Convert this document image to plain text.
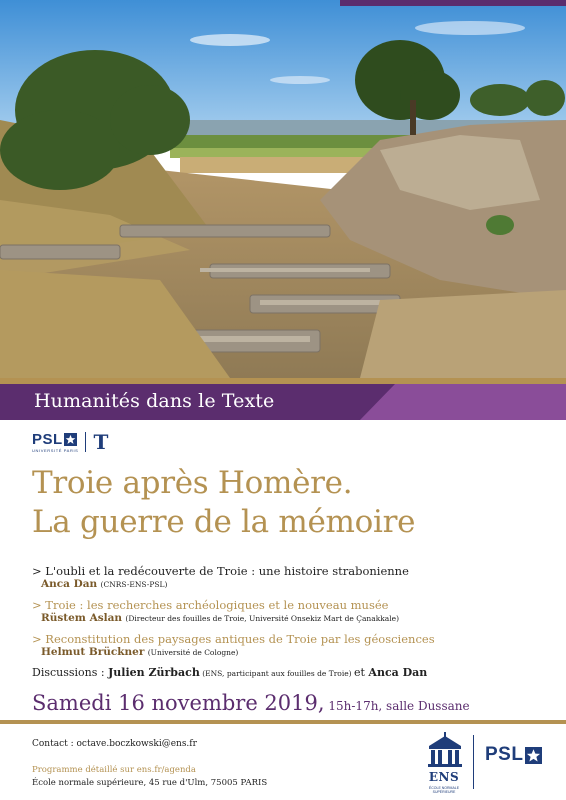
Humanités dans le Texte
PSL
UNIVERSITÉ PARIS T
Troie après Homère.
La guerre de la mémoire
> L'oubli et la redécouverte de Troie : une histoire strabonienne
Anca Dan (CNRS-ENS-PSL)
> Troie : les recherches archéologiques et le nouveau musée
Rüstem Aslan (Directeur des fouilles de Troie, Université Onsekiz Mart de Çanakkale)
> Reconstitution des paysages antiques de Troie par les géosciences
Helmut Brückner (Université de Cologne)
Discussions : Julien Zürbach (ENS, participant aux fouilles de Troie) et Anca Dan
Samedi 16 novembre 2019, 15h-17h, salle Dussane
Contact : octave.boczkowski@ens.fr
Programme détaillé sur ens.fr/agenda
École normale supérieure, 45 rue d'Ulm, 75005 PARIS	ENS
ÉCOLE NORMALE SUPÉRIEURE
PSL
